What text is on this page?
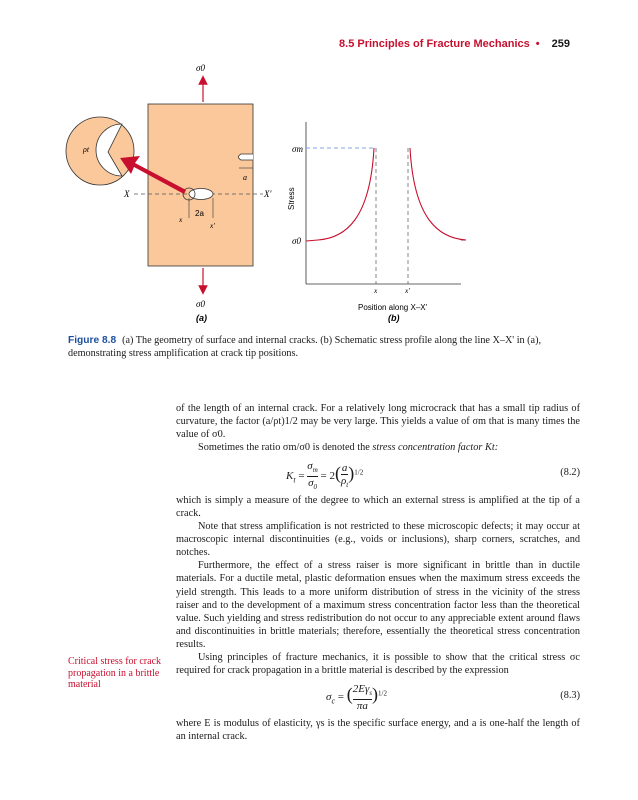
8.5 Principles of Fracture Mechanics • 259
σ0
σ0
X	X'
2a
x
x'
a
ρt
(a)
Stress
σm
σ0
x	x'
Position along X–X'
(b)
Figure 8.8 (a) The geometry of surface and internal cracks. (b) Schematic stress profile along the line X–X' in (a), demonstrating stress amplification at crack tip positions.

of the length of an internal crack. For a relatively long microcrack that has a small tip radius of curvature, the factor (a/ρt)1/2 may be very large. This yields a value of σm that is many times the value of σ0.

Sometimes the ratio σm/σ0 is denoted the stress concentration factor Kt:

$K_t = \frac{\sigma_m}{\sigma_0} = 2( \frac{a}{\rho_t} )^{1/2}$	(8.2)

which is simply a measure of the degree to which an external stress is amplified at the tip of a crack.

Note that stress amplification is not restricted to these microscopic defects; it may occur at macroscopic internal discontinuities (e.g., voids or inclusions), sharp corners, scratches, and notches.

Furthermore, the effect of a stress raiser is more significant in brittle than in ductile materials. For a ductile metal, plastic deformation ensues when the maximum stress exceeds the yield strength. This leads to a more uniform distribution of stress in the vicinity of the stress raiser and to the development of a maximum stress concentration factor less than the theoretical value. Such yielding and stress redistribution do not occur to any appreciable extent around flaws and discontinuities in brittle materials; therefore, essentially the theoretical stress concentration results.

Using principles of fracture mechanics, it is possible to show that the critical stress σc required for crack propagation in a brittle material is described by the expression

$\sigma_c$ = ( $2E\gamma_s$
πa
)$^{1/2}$	(8.3)

where E is modulus of elasticity, γs is the specific surface energy, and a is one-half the length of an internal crack.

Critical stress for crack propagation in a brittle material
